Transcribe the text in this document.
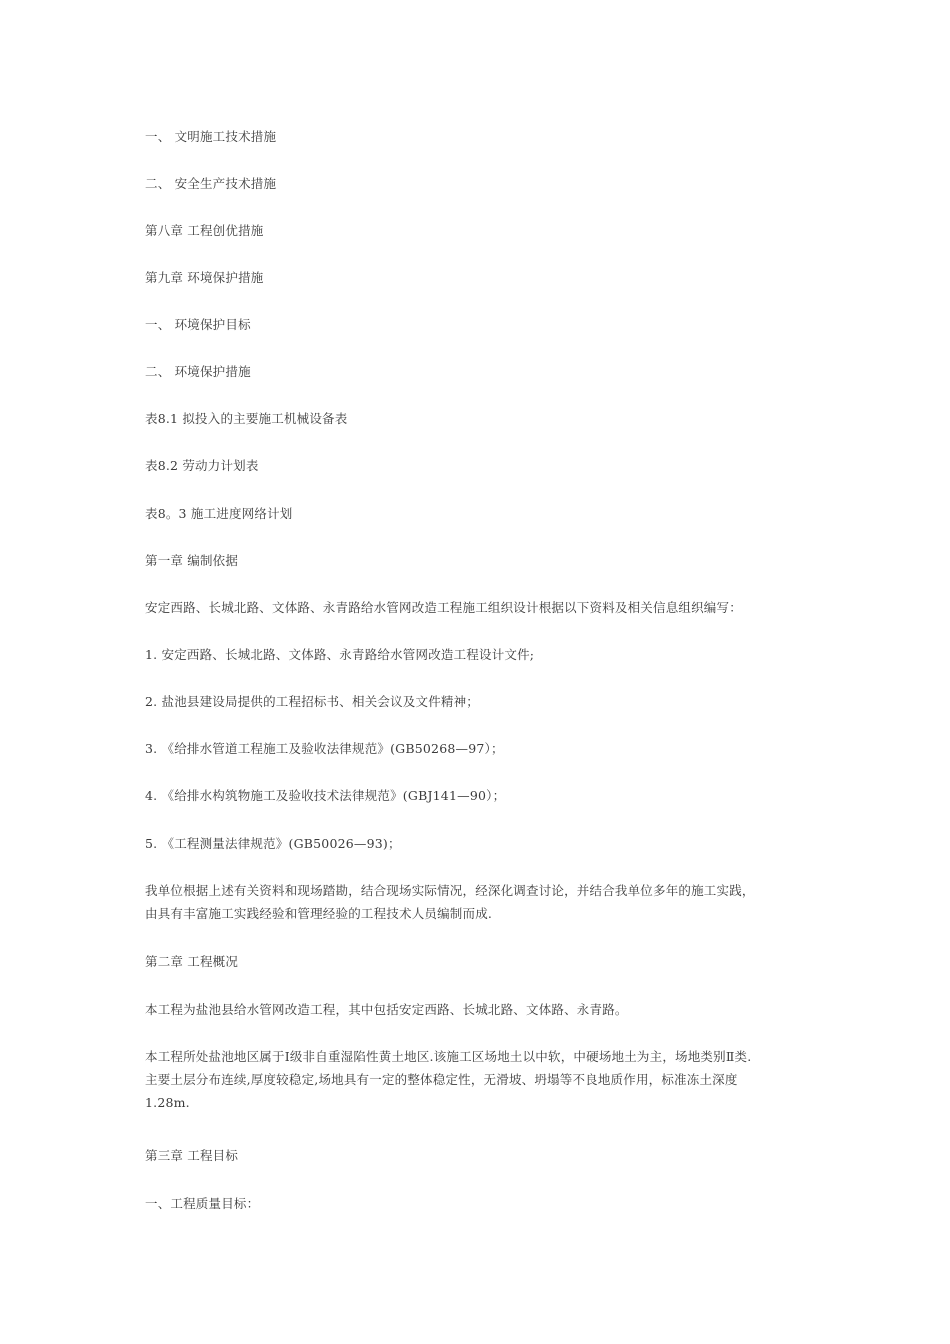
一、 文明施工技术措施
二、 安全生产技术措施
第八章 工程创优措施
第九章 环境保护措施
一、 环境保护目标
二、 环境保护措施
表8.1 拟投入的主要施工机械设备表
表8.2 劳动力计划表
表8。3 施工进度网络计划
第一章 编制依据
安定西路、长城北路、文体路、永青路给水管网改造工程施工组织设计根据以下资料及相关信息组织编写：
1. 安定西路、长城北路、文体路、永青路给水管网改造工程设计文件;
2. 盐池县建设局提供的工程招标书、相关会议及文件精神；
3. 《给排水管道工程施工及验收法律规范》(GB50268—97）；
4. 《给排水构筑物施工及验收技术法律规范》(GBJ141—90）；
5. 《工程测量法律规范》(GB50026—93)；
我单位根据上述有关资料和现场踏勘，结合现场实际情况，经深化调查讨论，并结合我单位多年的施工实践，
由具有丰富施工实践经验和管理经验的工程技术人员编制而成.
第二章 工程概况
本工程为盐池县给水管网改造工程，其中包括安定西路、长城北路、文体路、永青路。
本工程所处盐池地区属于Ⅰ级非自重湿陷性黄土地区.该施工区场地土以中软，中硬场地土为主，场地类别Ⅱ类.
主要土层分布连续,厚度较稳定,场地具有一定的整体稳定性，无滑坡、坍塌等不良地质作用，标准冻土深度
1.28m.
第三章 工程目标
一、工程质量目标：
